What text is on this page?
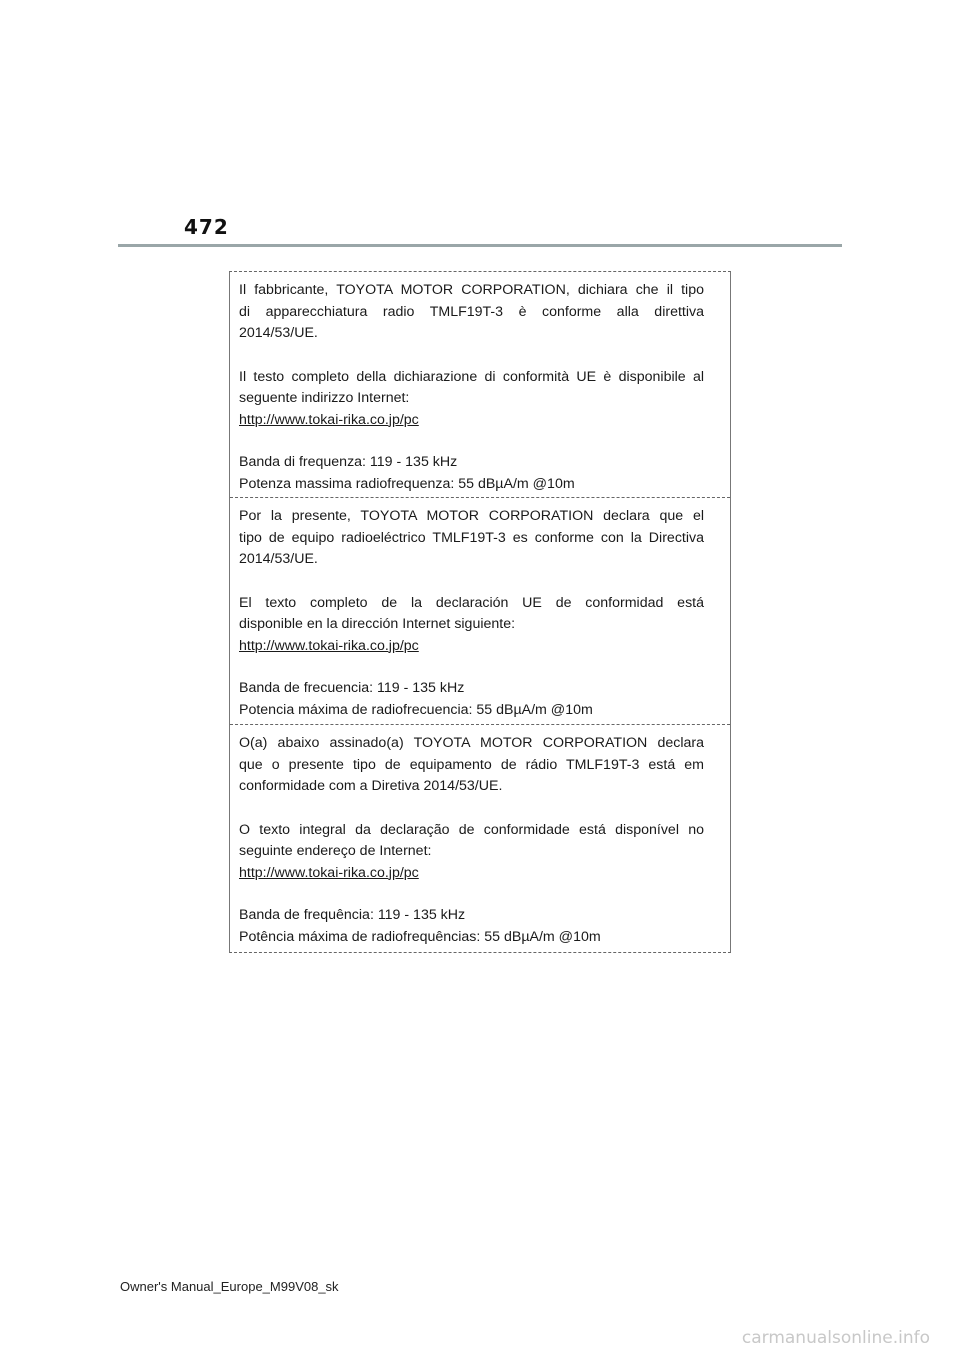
472

Il fabbricante, TOYOTA MOTOR CORPORATION, dichiara che il tipo
di apparecchiatura radio TMLF19T-3 è conforme alla direttiva
2014/53/UE.

Il testo completo della dichiarazione di conformità UE è disponibile al
seguente indirizzo Internet:
http://www.tokai-rika.co.jp/pc

Banda di frequenza: 119 - 135 kHz
Potenza massima radiofrequenza: 55 dBµA/m @10m

Por la presente, TOYOTA MOTOR CORPORATION declara que el
tipo de equipo radioeléctrico TMLF19T-3 es conforme con la Directiva
2014/53/UE.

El texto completo de la declaración UE de conformidad está
disponible en la dirección Internet siguiente:
http://www.tokai-rika.co.jp/pc

Banda de frecuencia: 119 - 135 kHz
Potencia máxima de radiofrecuencia: 55 dBµA/m @10m

O(a) abaixo assinado(a) TOYOTA MOTOR CORPORATION declara
que o presente tipo de equipamento de rádio TMLF19T-3 está em
conformidade com a Diretiva 2014/53/UE.

O texto integral da declaração de conformidade está disponível no
seguinte endereço de Internet:
http://www.tokai-rika.co.jp/pc

Banda de frequência: 119 - 135 kHz
Potência máxima de radiofrequências: 55 dBµA/m @10m

Owner's Manual_Europe_M99V08_sk
carmanualsonline.info
